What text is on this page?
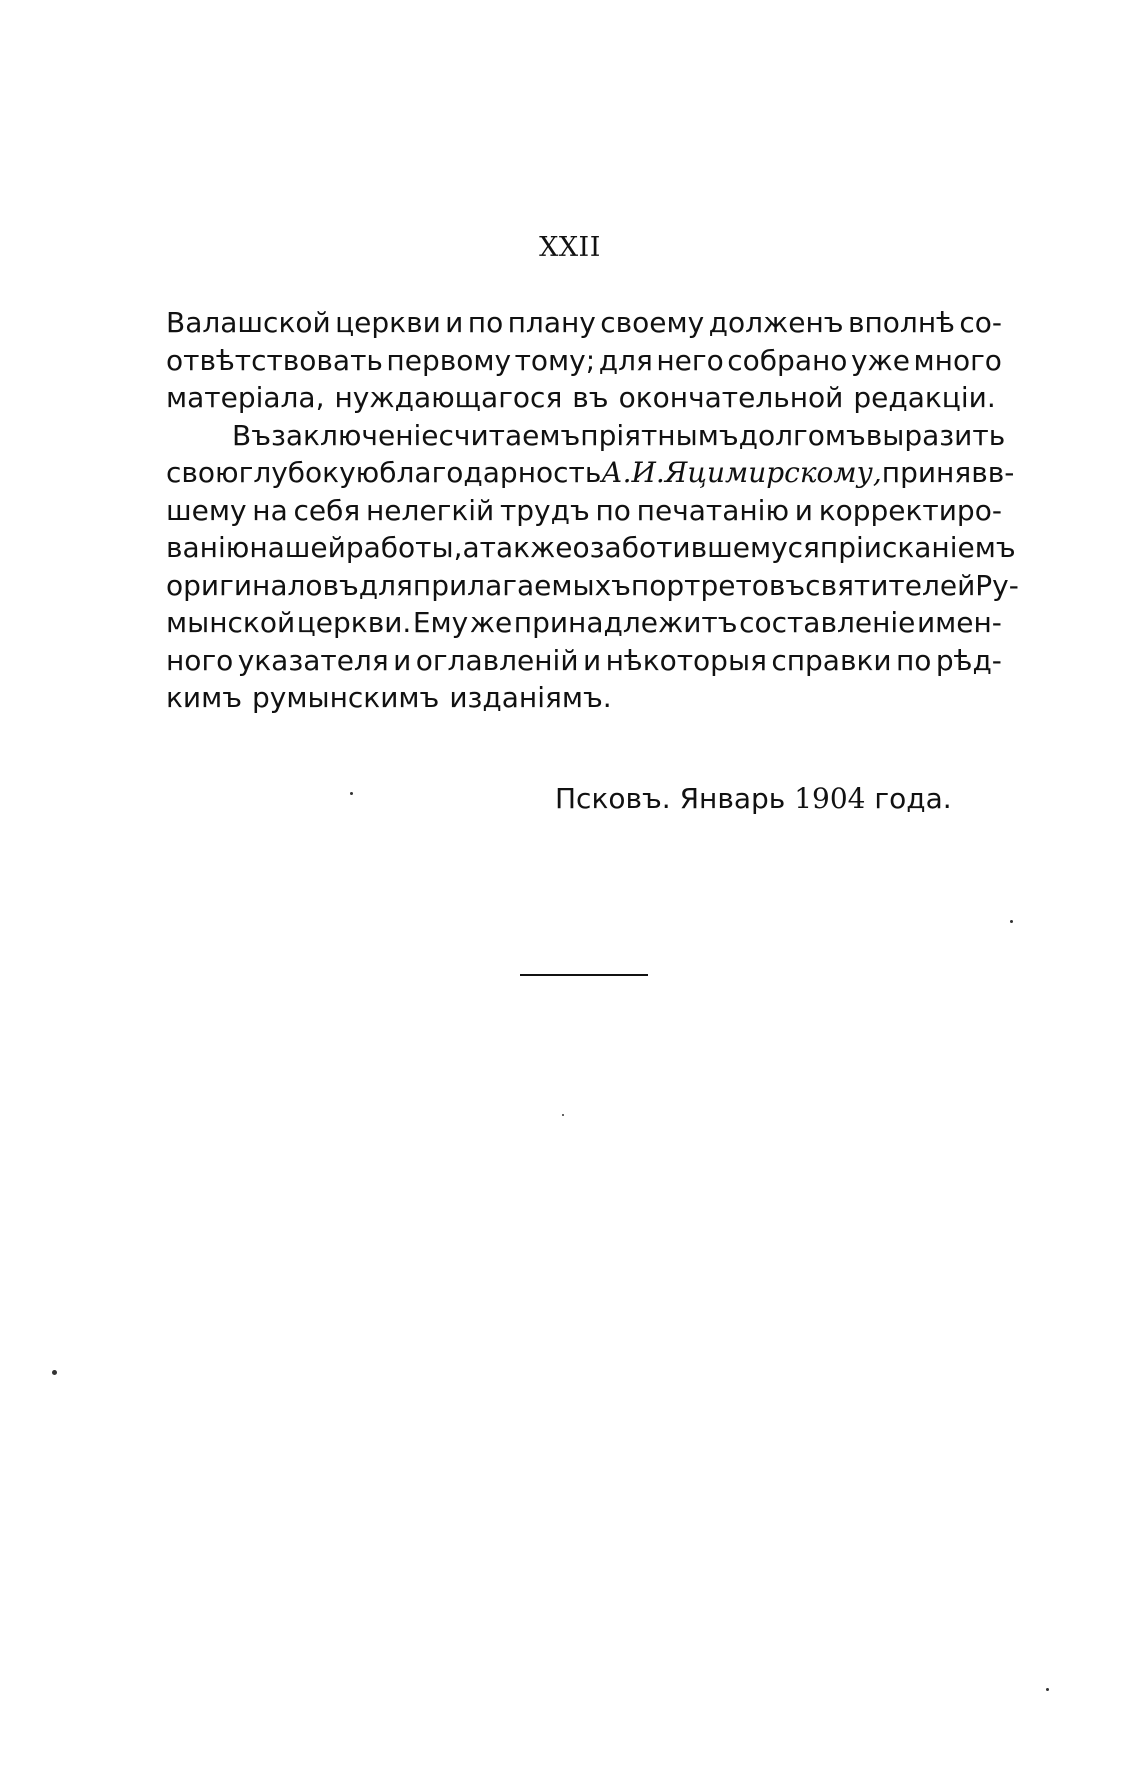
XXII
Валашской церкви и по плану своему долженъ вполнѣ со-
отвѣтствовать первому тому; для него собрано уже много
матеріала, нуждающагося въ окончательной редакціи.
Въ заключеніе считаемъ пріятнымъ долгомъ выразить
свою глубокую благодарность А. И. Яцимирскому, принявв-
шему на себя нелегкій трудъ по печатанію и корректиро-
ванію нашей работы, а также озаботившемуся пріисканіемъ
оригиналовъ для прилагаемыхъ портретовъ святителей Ру-
мынской церкви. Ему же принадлежитъ составленіе имен-
ного указателя и оглавленій и нѣкоторыя справки по рѣд-
кимъ румынскимъ изданіямъ.
Псковъ. Январь 1904 года.
